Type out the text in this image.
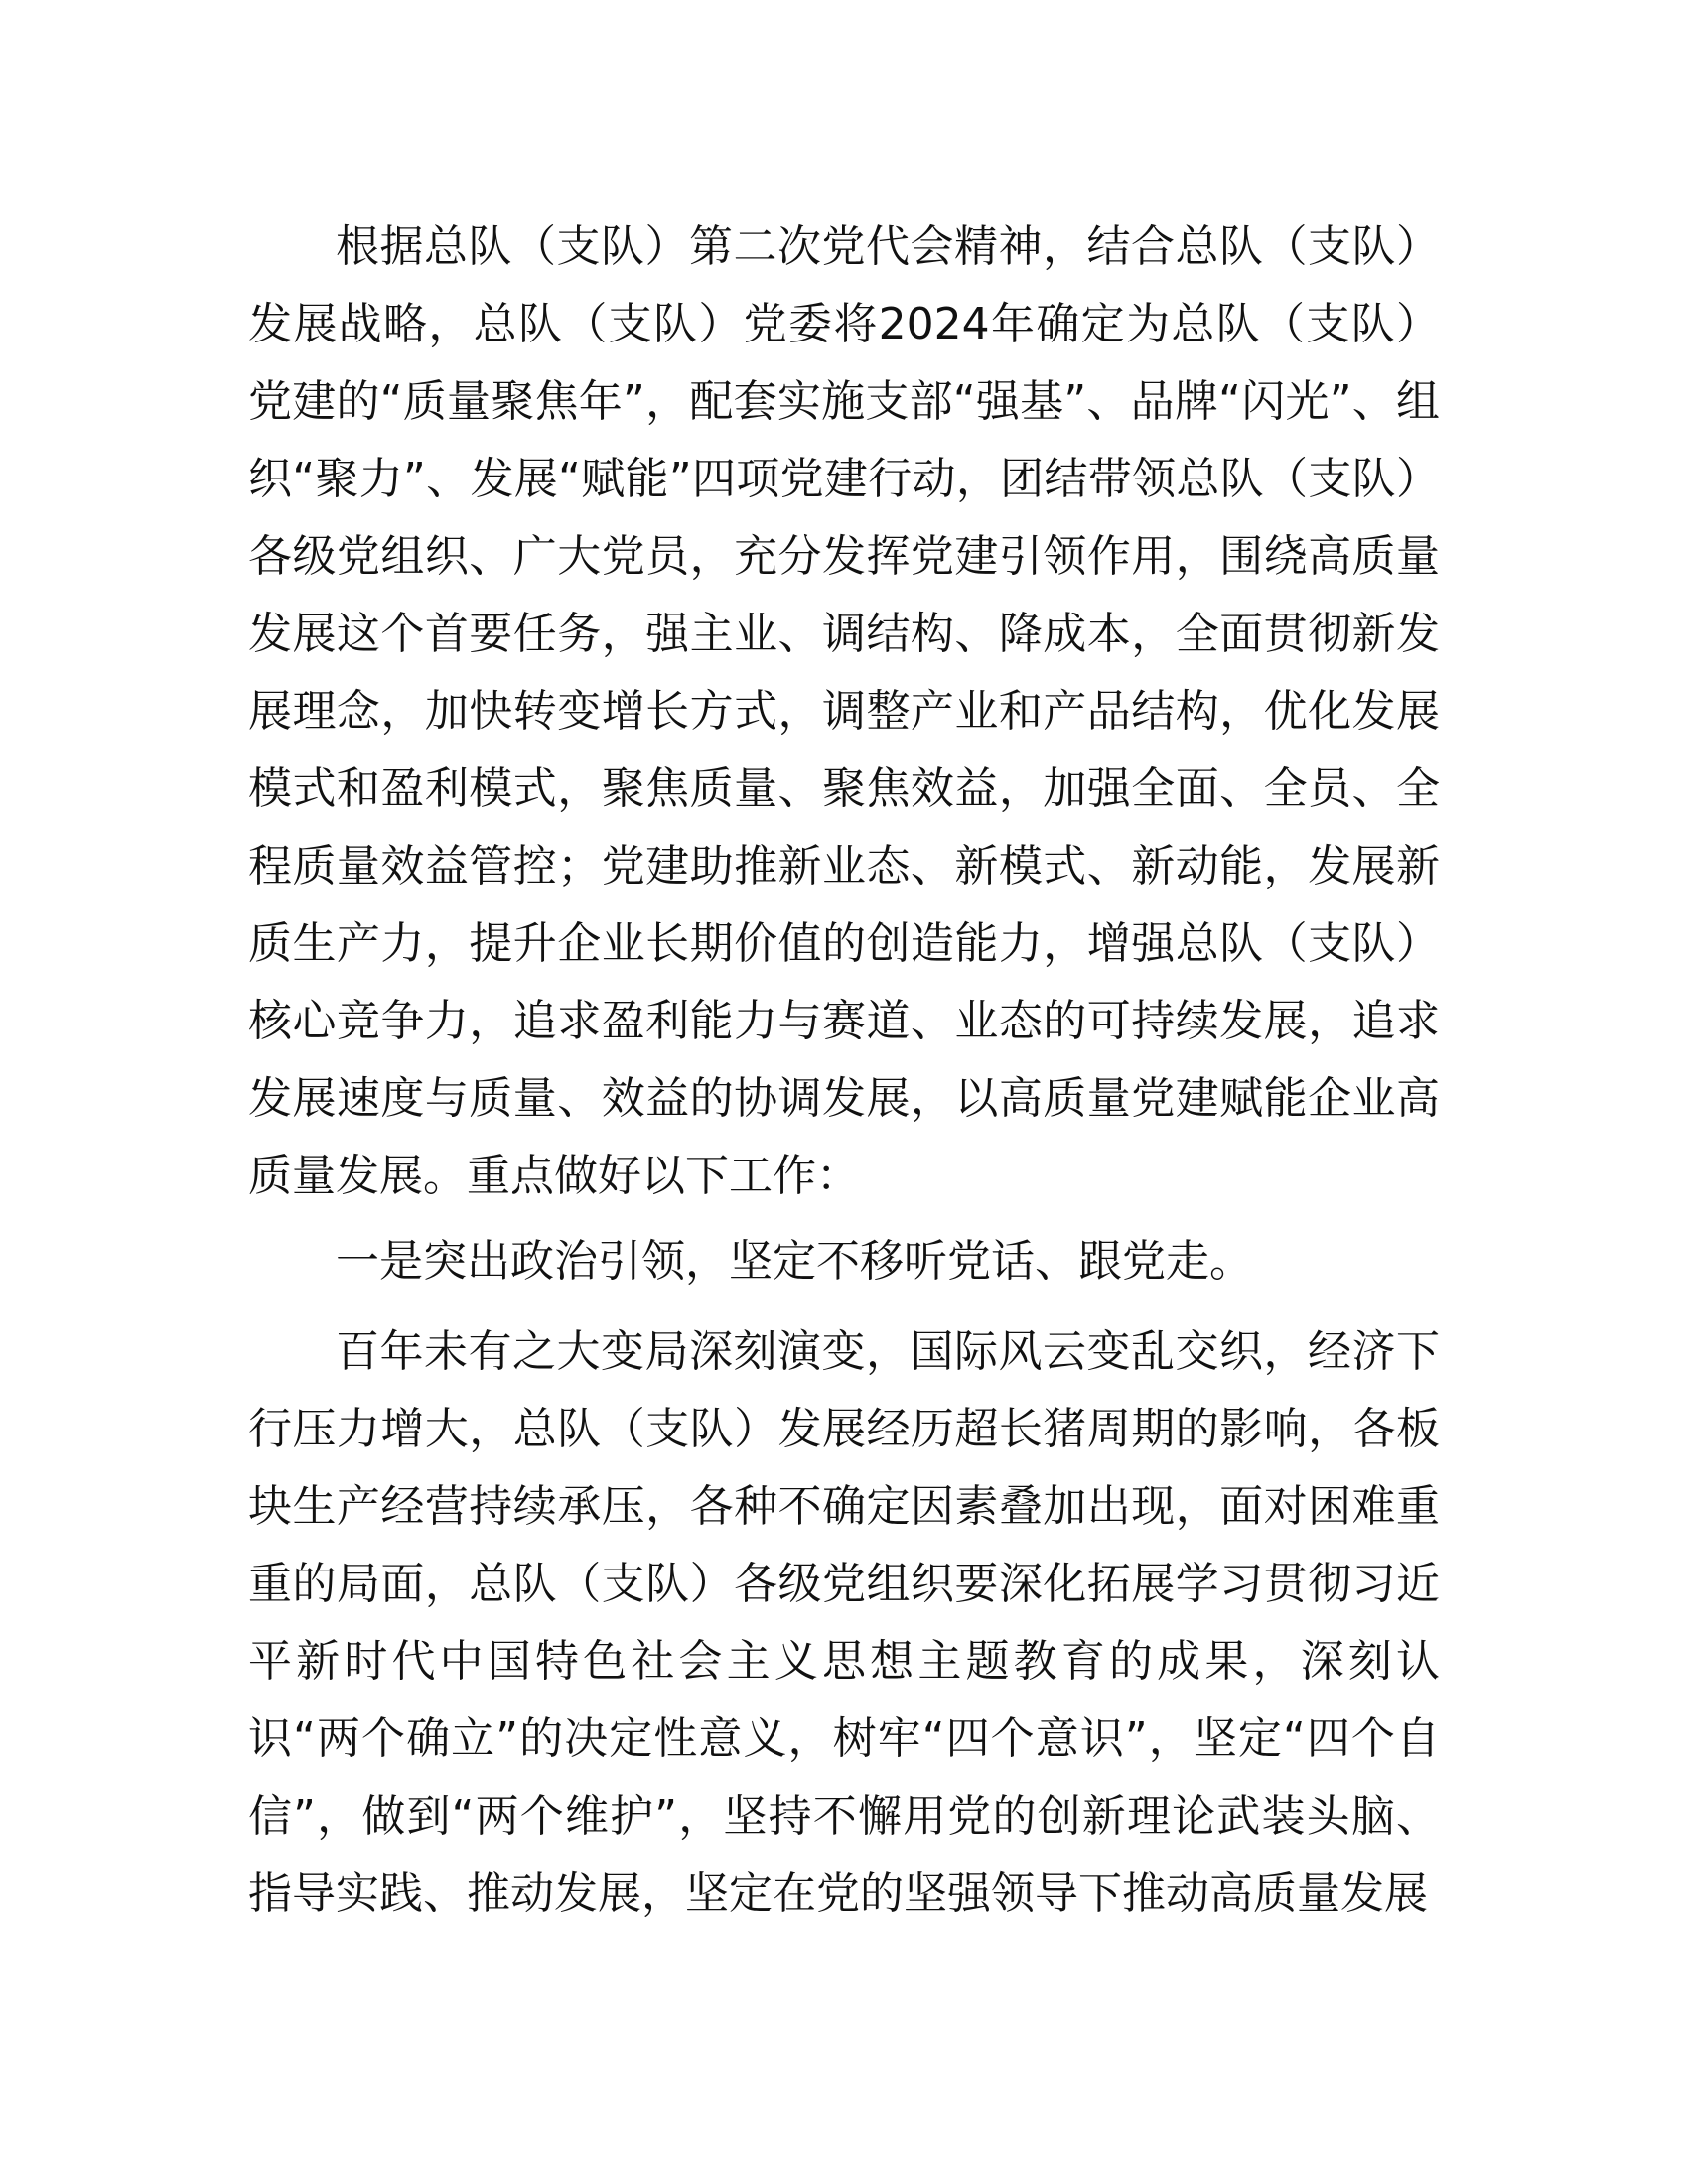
根据总队（支队）第二次党代会精神，结合总队（支队）发展战略，总队（支队）党委将2024年确定为总队（支队）党建的“质量聚焦年”，配套实施支部“强基”、品牌“闪光”、组织“聚力”、发展“赋能”四项党建行动，团结带领总队（支队）各级党组织、广大党员，充分发挥党建引领作用，围绕高质量发展这个首要任务，强主业、调结构、降成本，全面贯彻新发展理念，加快转变增长方式，调整产业和产品结构，优化发展模式和盈利模式，聚焦质量、聚焦效益，加强全面、全员、全程质量效益管控；党建助推新业态、新模式、新动能，发展新质生产力，提升企业长期价值的创造能力，增强总队（支队）核心竞争力，追求盈利能力与赛道、业态的可持续发展，追求发展速度与质量、效益的协调发展，以高质量党建赋能企业高质量发展。重点做好以下工作：

一是突出政治引领，坚定不移听党话、跟党走。

百年未有之大变局深刻演变，国际风云变乱交织，经济下行压力增大，总队（支队）发展经历超长猪周期的影响，各板块生产经营持续承压，各种不确定因素叠加出现，面对困难重重的局面，总队（支队）各级党组织要深化拓展学习贯彻习近平新时代中国特色社会主义思想主题教育的成果，深刻认识“两个确立”的决定性意义，树牢“四个意识”，坚定“四个自信”，做到“两个维护”，坚持不懈用党的创新理论武装头脑、指导实践、推动发展，坚定在党的坚强领导下推动高质量发展
